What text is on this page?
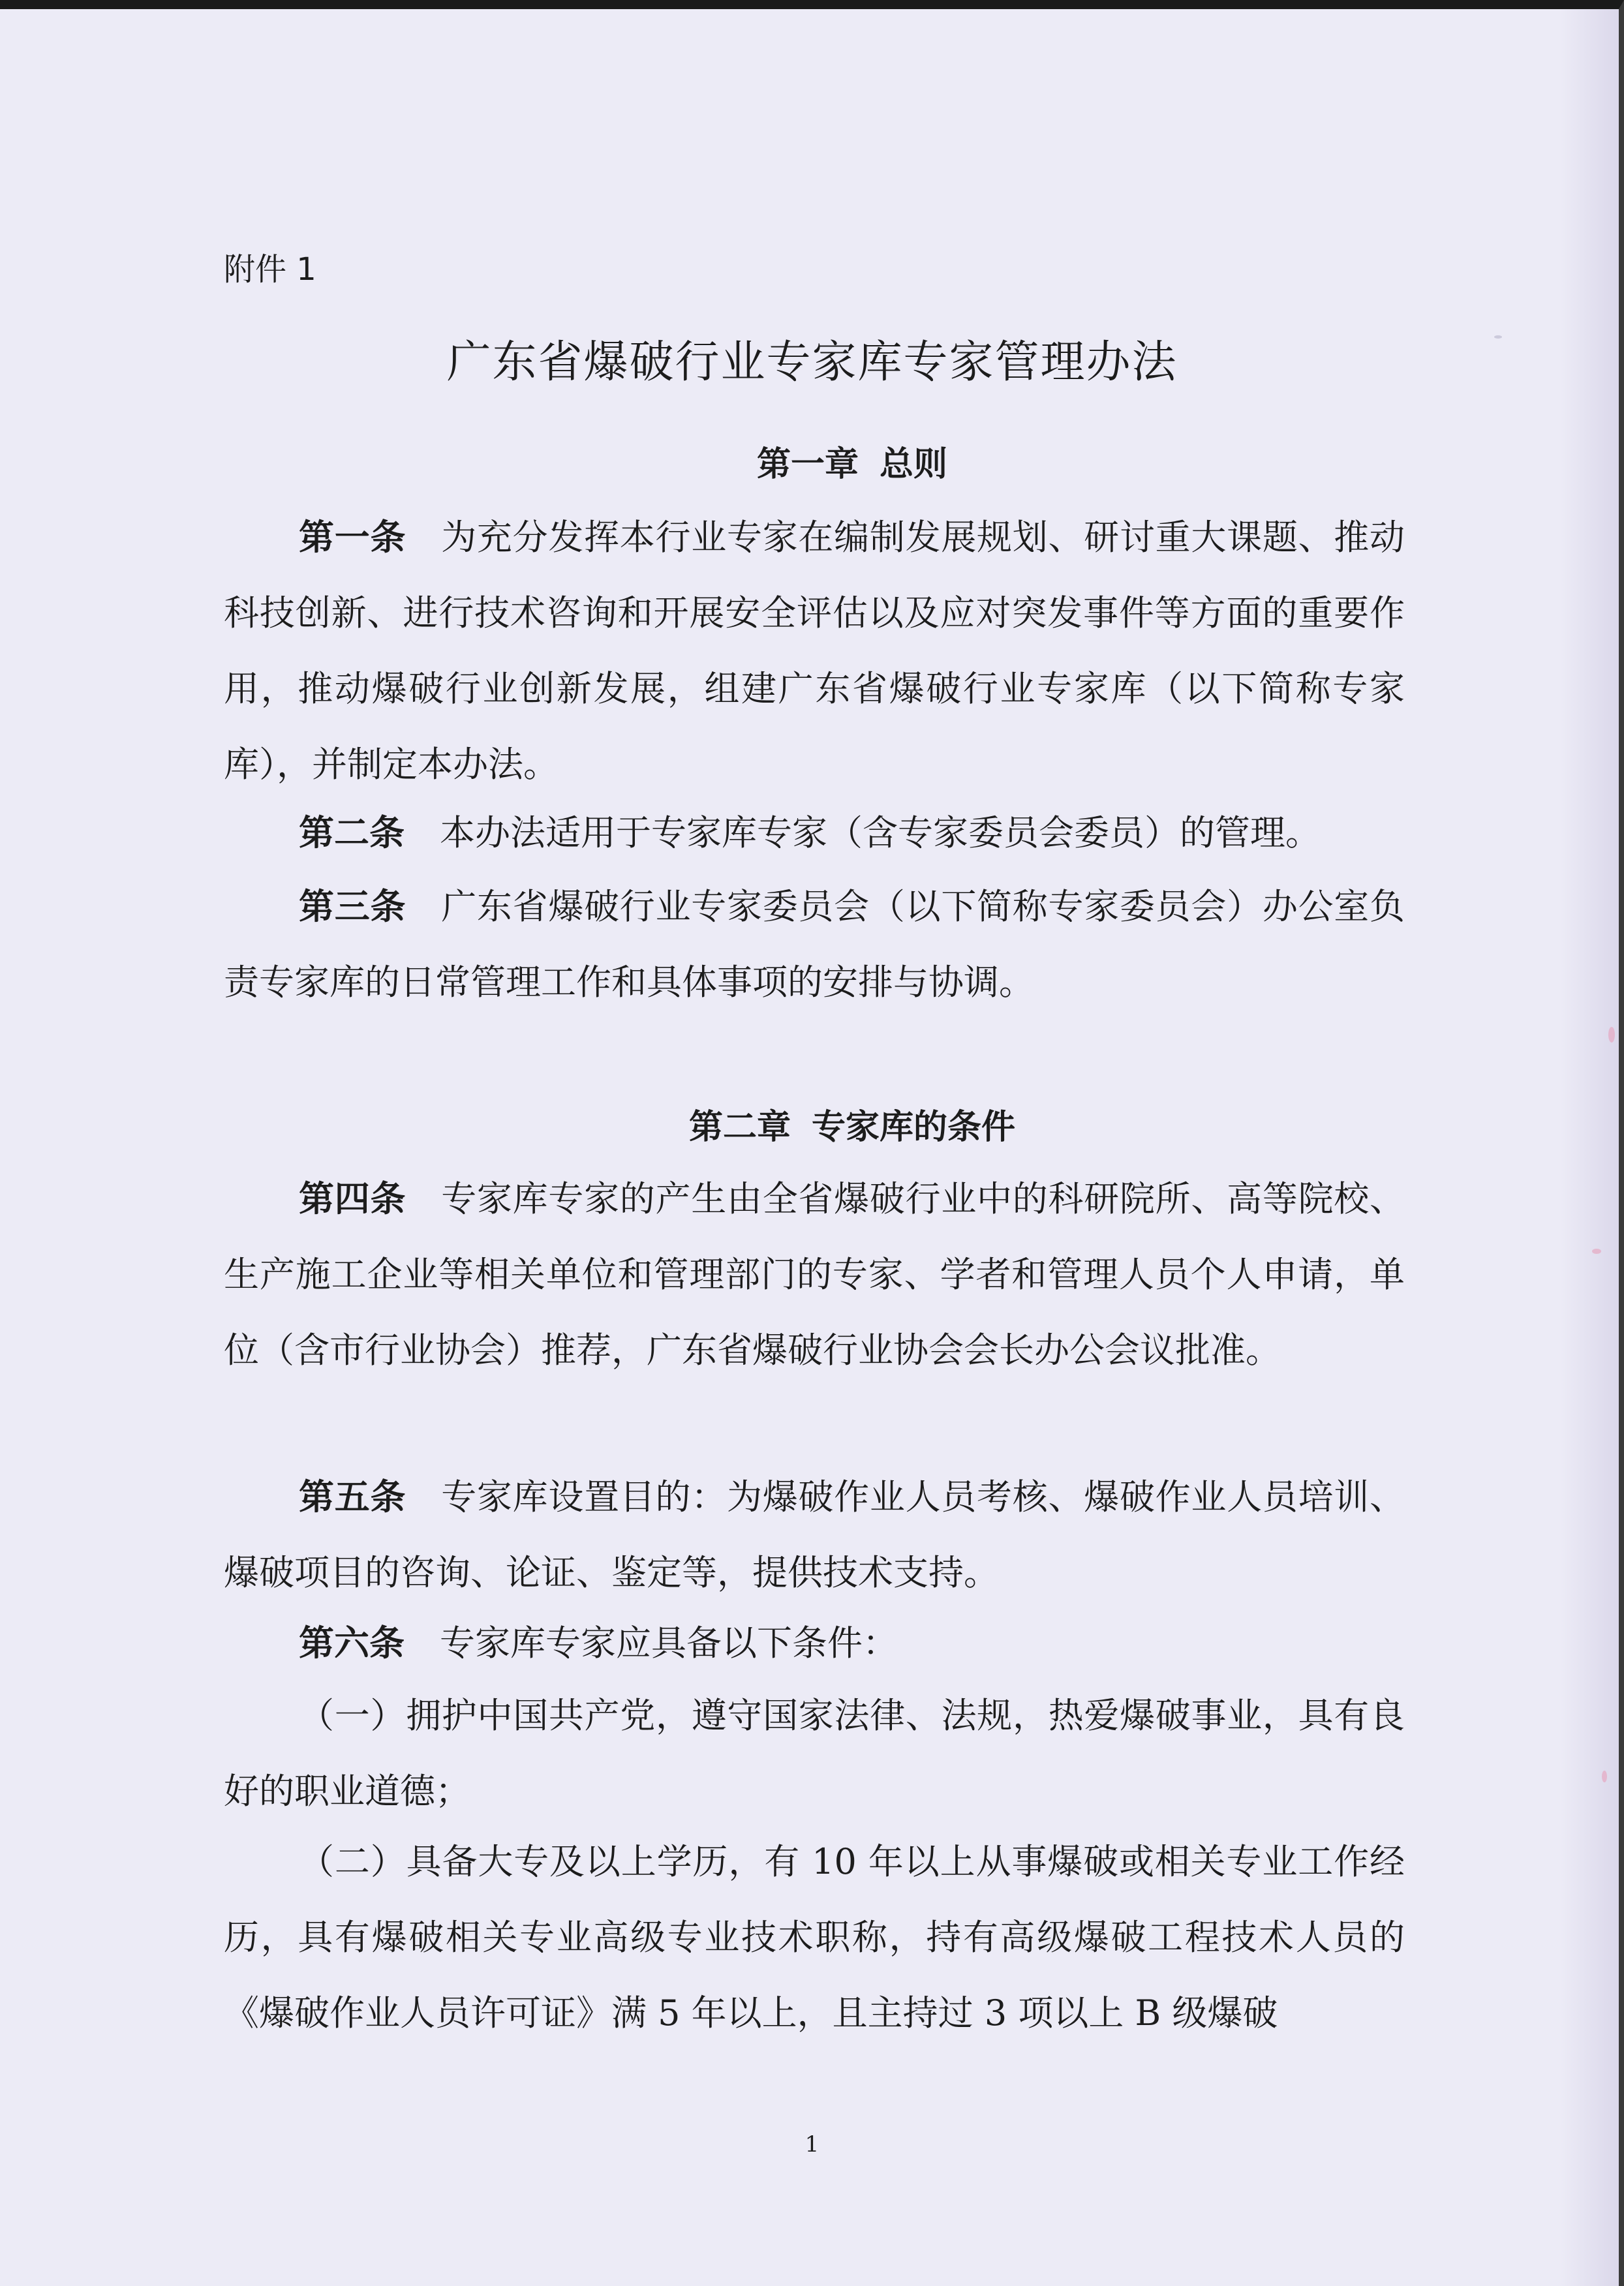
附件 1
广东省爆破行业专家库专家管理办法
第一章 总则

第一条 为充分发挥本行业专家在编制发展规划、研讨重大课题、推动科技创新、进行技术咨询和开展安全评估以及应对突发事件等方面的重要作用，推动爆破行业创新发展，组建广东省爆破行业专家库（以下简称专家库），并制定本办法。

第二条 本办法适用于专家库专家（含专家委员会委员）的管理。

第三条 广东省爆破行业专家委员会（以下简称专家委员会）办公室负责专家库的日常管理工作和具体事项的安排与协调。

第二章 专家库的条件

第四条 专家库专家的产生由全省爆破行业中的科研院所、高等院校、生产施工企业等相关单位和管理部门的专家、学者和管理人员个人申请，单位（含市行业协会）推荐，广东省爆破行业协会会长办公会议批准。

第五条 专家库设置目的：为爆破作业人员考核、爆破作业人员培训、爆破项目的咨询、论证、鉴定等，提供技术支持。

第六条 专家库专家应具备以下条件：

（一）拥护中国共产党，遵守国家法律、法规，热爱爆破事业，具有良好的职业道德；

（二）具备大专及以上学历，有 10 年以上从事爆破或相关专业工作经历，具有爆破相关专业高级专业技术职称，持有高级爆破工程技术人员的《爆破作业人员许可证》满 5 年以上，且主持过 3 项以上 B 级爆破

1
